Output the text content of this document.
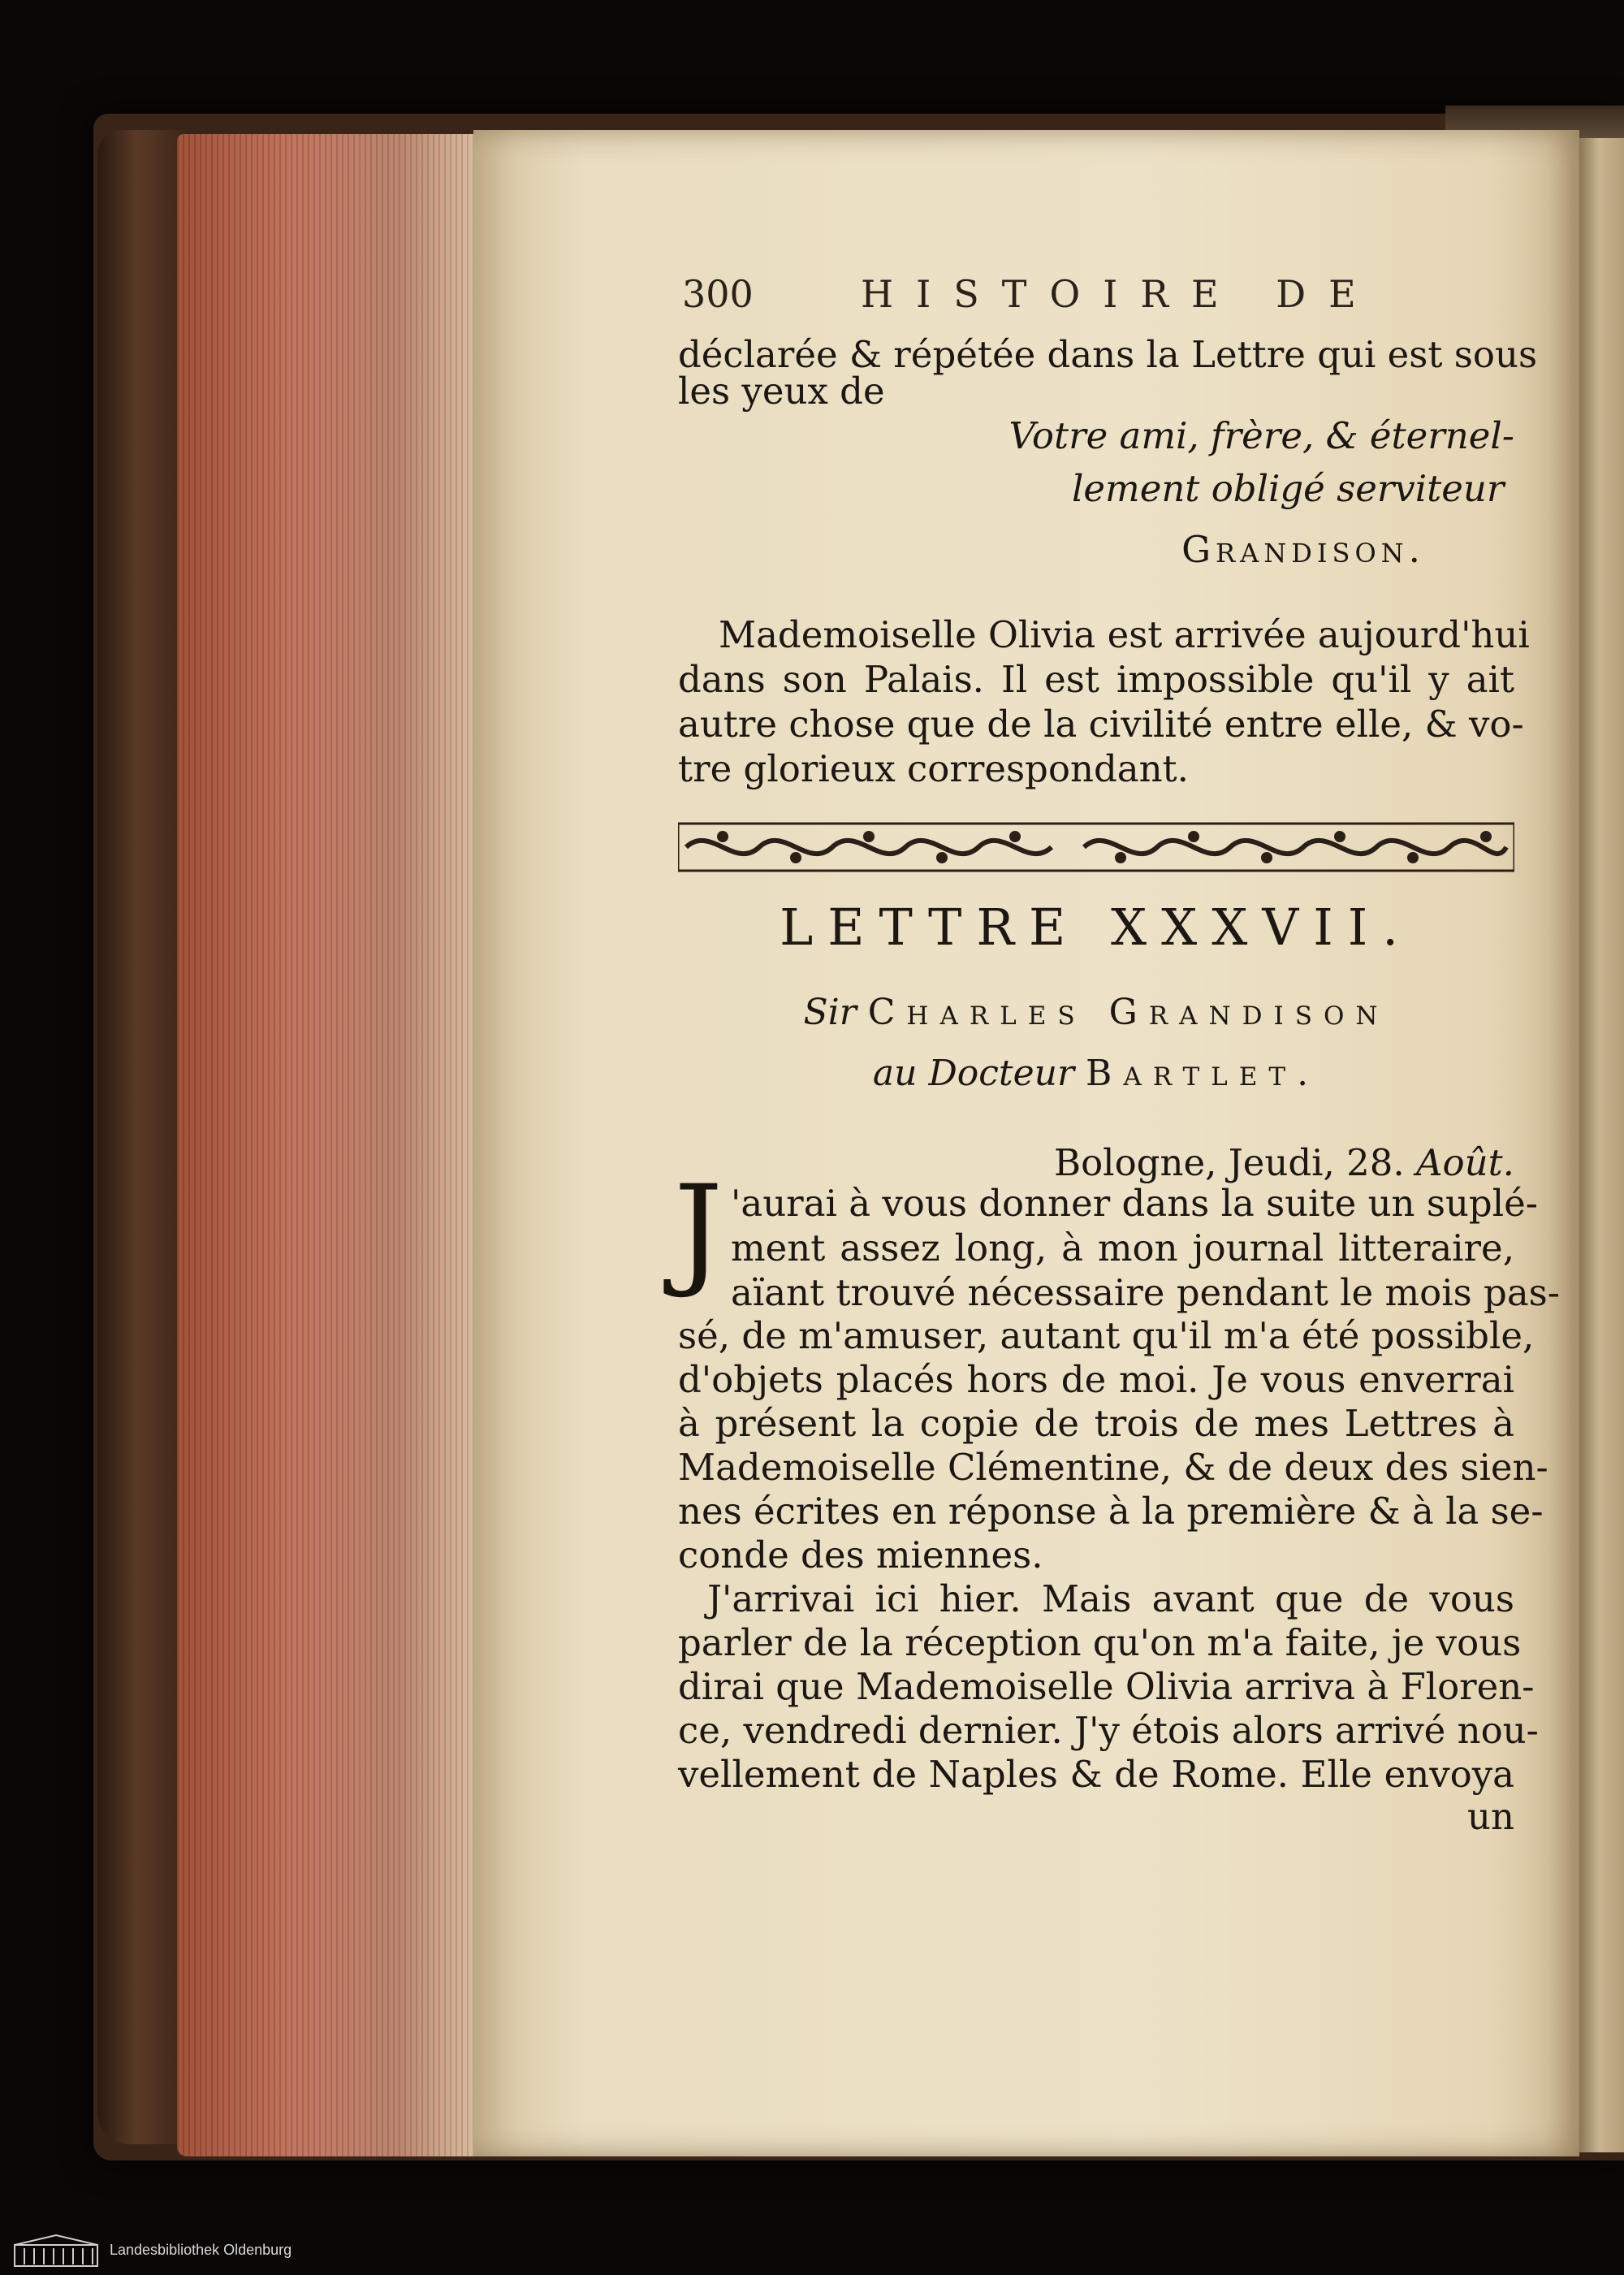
300	HISTOIRE DE
déclarée & répétée dans la Lettre qui est sous
les yeux de
Votre ami, frère, & éternel-
lement obligé serviteur
Grandison.
Mademoiselle Olivia est arrivée aujourd'hui
dans son Palais. Il est impossible qu'il y ait
autre chose que de la civilité entre elle, & vo-
tre glorieux correspondant.
LETTRE XXXVII.
Sir Charles Grandison
au Docteur Bartlet.
Bologne, Jeudi, 28. Août.
J 'aurai à vous donner dans la suite un suplé-
ment assez long, à mon journal litteraire,
aïant trouvé nécessaire pendant le mois pas-
sé, de m'amuser, autant qu'il m'a été possible,
d'objets placés hors de moi. Je vous enverrai
à présent la copie de trois de mes Lettres à
Mademoiselle Clémentine, & de deux des sien-
nes écrites en réponse à la première & à la se-
conde des miennes.
J'arrivai ici hier. Mais avant que de vous
parler de la réception qu'on m'a faite, je vous
dirai que Mademoiselle Olivia arriva à Floren-
ce, vendredi dernier. J'y étois alors arrivé nou-
vellement de Naples & de Rome. Elle envoya
un
Landesbibliothek Oldenburg
